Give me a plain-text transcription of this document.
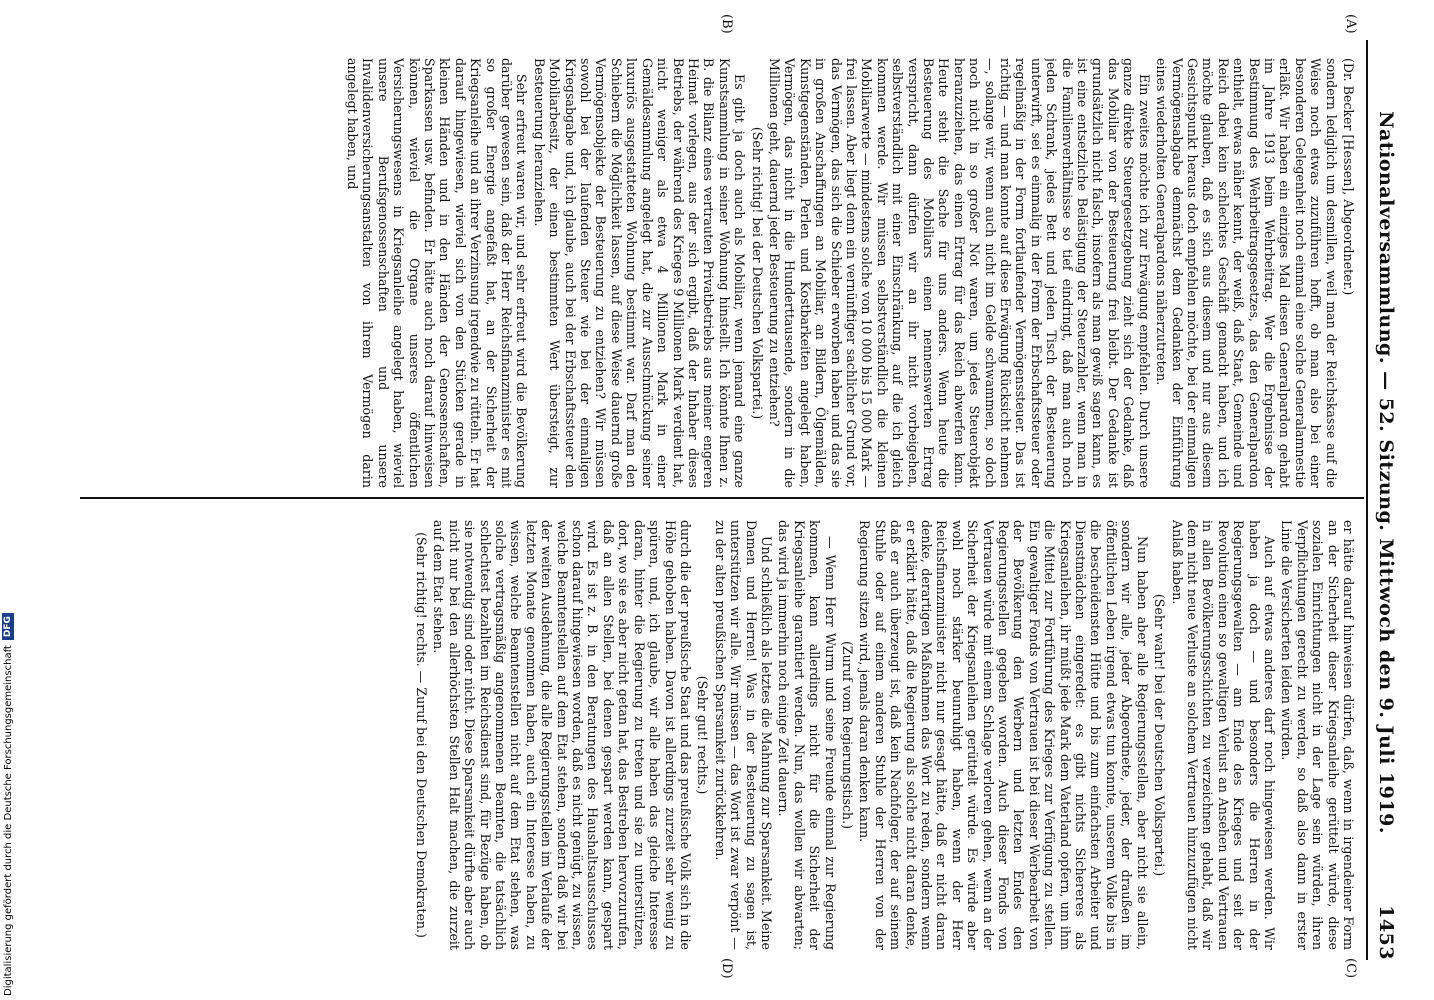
Nationalversammlung. — 52. Sitzung. Mittwoch den 9. Juli 1919.
1453
(A)
(B)
(C)
(D)

(Dr. Becker [Hessen], Abgeordneter.)

sondern lediglich um desmillen, weil man der Reichskasse auf die Weise noch etwas zuzuführen hofft, ob man also bei einer besonderen Gelegenheit noch einmal eine solche Generalamnestie erläßt. Wir haben ein einziges Mal diesen Generalpardon gehabt im Jahre 1913 beim Wehrbeitrag. Wer die Ergebnisse der Bestimmung des Wehrbeitragsgesetzes, das den Generalpardon enthielt, etwas näher kennt, der weiß, daß Staat, Gemeinde und Reich dabei kein schlechtes Geschäft gemacht haben, und ich möchte glauben, daß es sich aus diesem und nur aus diesem Gesichtspunkt heraus doch empfehlen möchte, bei der einmaligen Vermögensabgabe demnächst dem Gedanken der Einführung eines wiederholten Generalpardons näherzutreten.

Ein zweites möchte ich zur Erwägung empfehlen. Durch unsere ganze direkte Steuergesetzgebung zieht sich der Gedanke, daß das Mobiliar von der Besteuerung frei bleibt. Der Gedanke ist grundsätzlich nicht falsch, insofern als man gewiß sagen kann, es ist eine entsetzliche Belästigung der Steuerzahler, wenn man in die Familienverhältnisse so tief eindringt, daß man auch noch jeden Schrank, jedes Bett und jeden Tisch der Besteuerung unterwirft, sei es einmalig in der Form der Erbschaftssteuer oder regelmäßig in der Form fortlaufender Vermögenssteuer. Das ist richtig — und man konnte auf diese Erwägung Rücksicht nehmen —, solange wir, wenn auch nicht im Gelde schwammen, so doch noch nicht in so großer Not waren, um jedes Steuerobjekt heranzuziehen, das einen Ertrag für das Reich abwerfen kann. Heute steht die Sache für uns anders. Wenn heute die Besteuerung des Mobiliars einen nennenswerten Ertrag verspricht, dann dürfen wir an ihr nicht vorbeigehen, selbstverständlich mit einer Einschränkung, auf die ich gleich kommen werde. Wir müssen selbstverständlich die kleinen Mobiliarwerte — mindestens solche von 10 000 bis 15 000 Mark — frei lassen. Aber liegt denn ein vernünftiger sachlicher Grund vor, das Vermögen, das sich die Schieber erworben haben und das sie in großen Anschaffungen an Mobiliar, an Bildern, Ölgemälden, Kunstgegenständen, Perlen und Kostbarkeiten angelegt haben, Vermögen, das nicht in die Hunderttausende, sondern in die Millionen geht, dauernd jeder Besteuerung zu entziehen?

(Sehr richtig! bei der Deutschen Volkspartei.)

Es gibt ja doch auch als Mobiliar, wenn jemand eine ganze Kunstsammlung in seiner Wohnung hinstellt. Ich könnte Ihnen z. B. die Bilanz eines vertrauten Privatbetriebs aus meiner engeren Heimat vorlegen, aus der sich ergibt, daß der Inhaber dieses Betriebs, der während des Krieges 9 Millionen Mark verdient hat, nicht weniger als etwa 4 Millionen Mark in einer Gemäldesammlung angelegt hat, die zur Ausschmückung seiner luxuriös ausgestatteten Wohnung bestimmt war. Darf man den Schiebern die Möglichkeit lassen, auf diese Weise dauernd große Vermögensobjekte der Besteuerung zu entziehen? Wir müssen sowohl bei der laufenden Steuer wie bei der einmaligen Kriegsabgabe und, ich glaube, auch bei der Erbschaftssteuer den Mobiliarbesitz, der einen bestimmten Wert übersteigt, zur Besteuerung heranziehen.

Sehr erfreut waren wir, und sehr erfreut wird die Bevölkerung darüber gewesen sein, daß der Herr Reichsfinanzminister es mit so großer Energie angefaßt hat, an der Sicherheit der Kriegsanleihe und an ihrer Verzinsung irgendwie zu rütteln. Er hat darauf hingewiesen, wieviel sich von den Stücken gerade in kleinen Händen und in den Händen der Genossenschaften, Sparkassen usw. befinden. Er hätte auch noch darauf hinweisen können, wieviel die Organe unseres öffentlichen Versicherungswesens in Kriegsanleihe angelegt haben, wieviel unsere Berufsgenossenschaften und unsere Invalidenversicherungsanstalten von ihrem Vermögen darin angelegt haben, und

er hätte darauf hinweisen dürfen, daß, wenn in irgendeiner Form an der Sicherheit dieser Kriegsanleihe gerüttelt würde, diese sozialen Einrichtungen nicht in der Lage sein würden, ihren Verpflichtungen gerecht zu werden, so daß also dann in erster Linie die Versicherten leiden würden.

Auch auf etwas anderes darf noch hingewiesen werden. Wir haben ja doch — und besonders die Herren in der Regierungsgewalten — am Ende des Krieges und seit der Revolution einen so gewaltigen Verlust an Ansehen und Vertrauen in allen Bevölkerungsschichten zu verzeichnen gehabt, daß wir dem nicht neue Verluste an solchem Vertrauen hinzuzufügen nicht Anlaß haben.

(Sehr wahr! bei der Deutschen Volkspartei.)

Nun haben aber alle Regierungsstellen, aber nicht sie allein, sondern wir alle, jeder Abgeordnete, jeder, der draußen im öffentlichen Leben irgend etwas tun konnte, unserem Volke bis in die bescheidensten Hütte und bis zum einfachsten Arbeiter und Dienstmädchen eingeredet: es gibt nichts Sichereres als Kriegsanleihen, ihr müßt jede Mark dem Vaterland opfern, um ihm die Mittel zur Fortführung des Krieges zur Verfügung zu stellen. Ein gewaltiger Fonds von Vertrauen ist bei dieser Werbearbeit von der Bevölkerung den Werbern und letzten Endes den Regierungsstellen gegeben worden. Auch dieser Fonds von Vertrauen würde mit einem Schlage verloren gehen, wenn an der Sicherheit der Kriegsanleihen gerüttelt würde. Es würde aber wohl noch stärker beunruhigt haben, wenn der Herr Reichsfinanzminister nicht nur gesagt hätte, daß er nicht daran denke, derartigen Maßnahmen das Wort zu reden, sondern wenn er erklärt hätte, daß die Regierung als solche nicht daran denke, daß er auch überzeugt ist, daß kein Nachfolger, der auf seinem Stuhle oder auf einem anderen Stuhle der Herren von der Regierung sitzen wird, jemals daran denken kann.

(Zuruf vom Regierungstisch.)

— Wenn Herr Wurm und seine Freunde einmal zur Regierung kommen, kann allerdings nicht für die Sicherheit der Kriegsanleihe garantiert werden. Nun, das wollen wir abwarten; das wird ja immerhin noch einige Zeit dauern.

Und schließlich als letztes die Mahnung zur Sparsamkeit. Meine Damen und Herren! Was in der Besteuerung zu sagen ist, unterstützen wir alle. Wir müssen — das Wort ist zwar verpönt — zu der alten preußischen Sparsamkeit zurückkehren.

(Sehr gut! rechts.)

durch die der preußische Staat und das preußische Volk sich in die Höhe gehoben haben. Davon ist allerdings zurzeit sehr wenig zu spüren, und, ich glaube, wir alle haben das gleiche Interesse daran, hinter die Regierung zu treten und sie zu unterstützen, dort, wo sie es aber nicht getan hat, das Bestreben hervorzurufen, daß an allen Stellen, bei denen gespart werden kann, gespart wird. Es ist z. B. in den Beratungen des Haushaltsausschusses schon darauf hingewiesen worden, daß es nicht genügt, zu wissen, welche Beamtenstellen auf dem Etat stehen, sondern daß wir bei der weiten Ausdehnung, die alle Regierungsstellen im Verlaufe der letzten Monate genommen haben, auch ein Interesse haben, zu wissen, welche Beamtenstellen nicht auf dem Etat stehen, was solche vertragsmäßig angenommenen Beamten, die tatsächlich schlechtest bezahlten im Reichsdienst sind, für Bezüge haben, ob sie notwendig sind oder nicht. Diese Sparsamkeit dürfte aber auch nicht nur bei den allerhöchsten Stellen Halt machen, die zurzeit auf dem Etat stehen.

(Sehr richtig! rechts. — Zuruf bei den Deutschen Demokraten.)

Digitalisierung gefördert durch die Deutsche Forschungsgemeinschaft
DFG
